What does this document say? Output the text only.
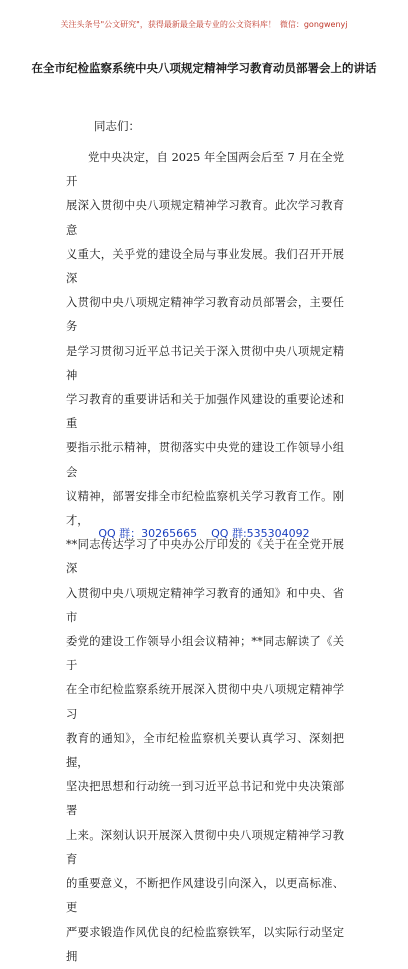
关注头条号"公文研究"，获得最新最全最专业的公文资料库！ 微信：gongwenyj
在全市纪检监察系统中央八项规定精神学习教育动员部署会上的讲话
同志们：

党中央决定，自 2025 年全国两会后至 7 月在全党开

展深入贯彻中央八项规定精神学习教育。此次学习教育意

义重大，关乎党的建设全局与事业发展。我们召开开展深

入贯彻中央八项规定精神学习教育动员部署会，主要任务

是学习贯彻习近平总书记关于深入贯彻中央八项规定精神

学习教育的重要讲话和关于加强作风建设的重要论述和重

要指示批示精神，贯彻落实中央党的建设工作领导小组会

议精神，部署安排全市纪检监察机关学习教育工作。刚才，

**同志传达学习了中央办公厅印发的《关于在全党开展深

入贯彻中央八项规定精神学习教育的通知》和中央、省市

委党的建设工作领导小组会议精神；**同志解读了《关于

在全市纪检监察系统开展深入贯彻中央八项规定精神学习

教育的通知》，全市纪检监察机关要认真学习、深刻把握，

坚决把思想和行动统一到习近平总书记和党中央决策部署

上来。深刻认识开展深入贯彻中央八项规定精神学习教育

的重要意义，不断把作风建设引向深入，以更高标准、更

严要求锻造作风优良的纪检监察铁军，以实际行动坚定拥

QQ 群：30265665 QQ 群:535304092
